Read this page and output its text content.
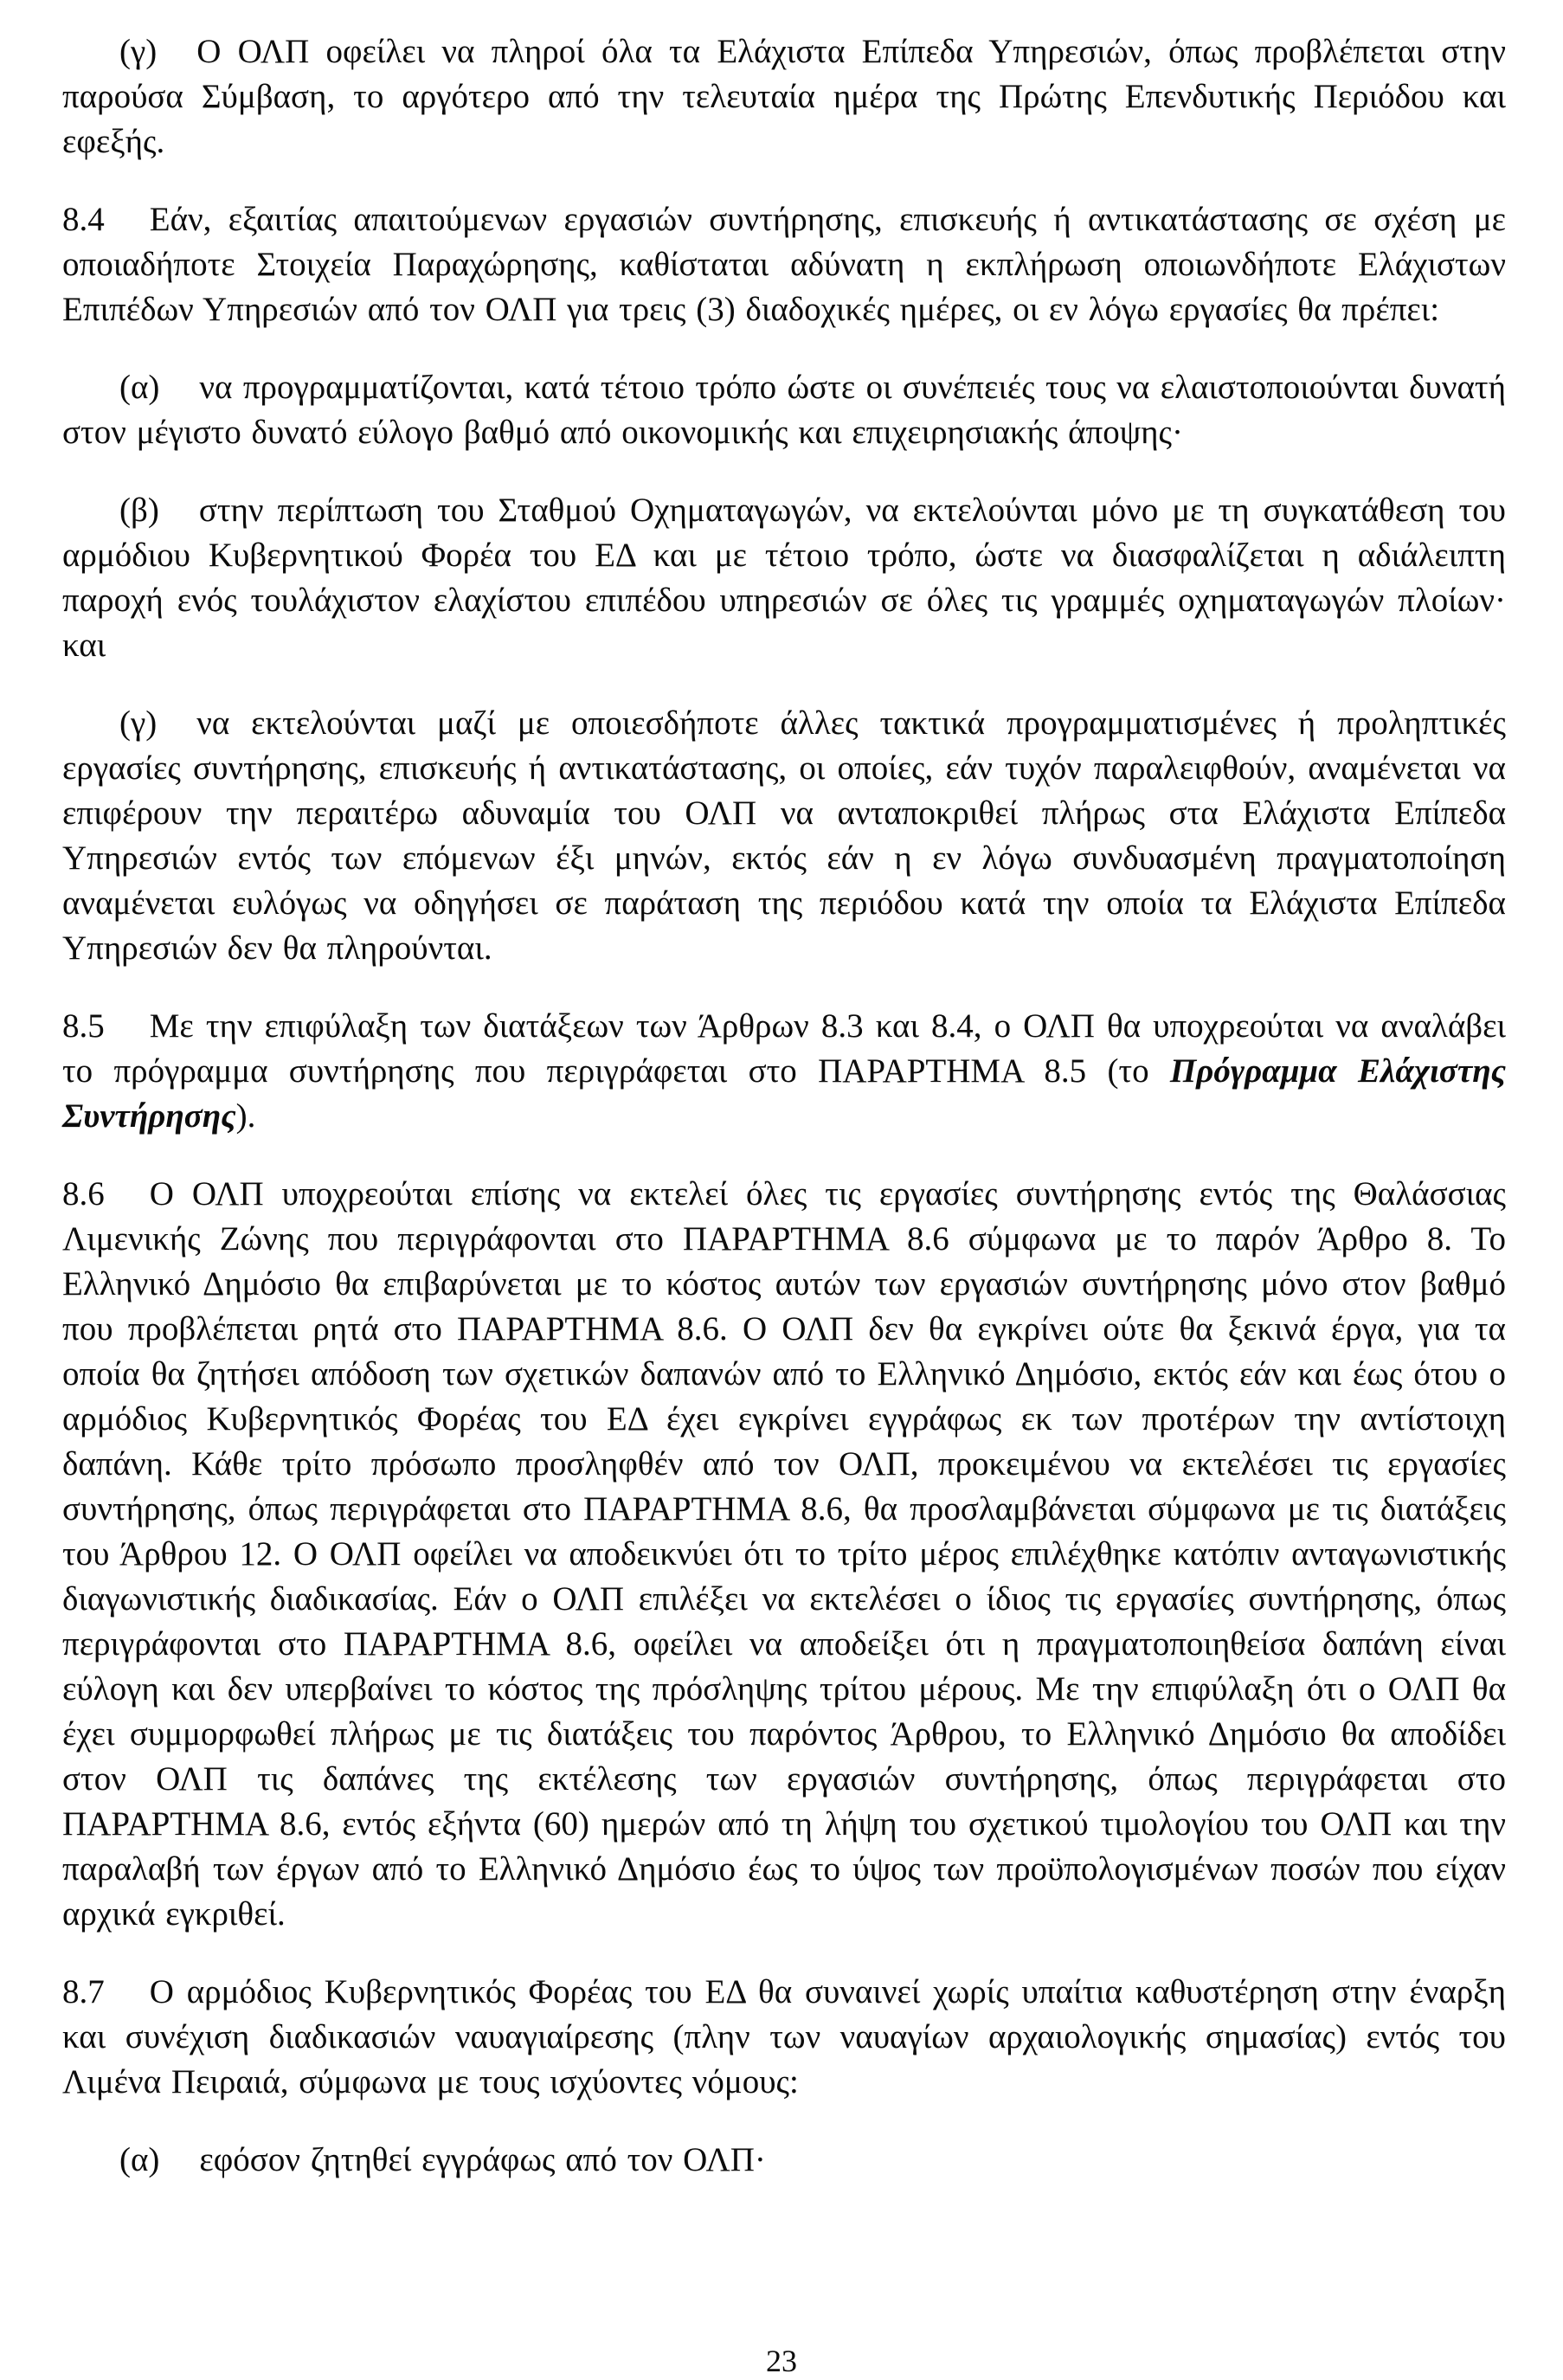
(γ) Ο ΟΛΠ οφείλει να πληροί όλα τα Ελάχιστα Επίπεδα Υπηρεσιών, όπως προβλέπεται στην παρούσα Σύμβαση, το αργότερο από την τελευταία ημέρα της Πρώτης Επενδυτικής Περιόδου και εφεξής.

8.4 Εάν, εξαιτίας απαιτούμενων εργασιών συντήρησης, επισκευής ή αντικατάστασης σε σχέση με οποιαδήποτε Στοιχεία Παραχώρησης, καθίσταται αδύνατη η εκπλήρωση οποιωνδήποτε Ελάχιστων Επιπέδων Υπηρεσιών από τον ΟΛΠ για τρεις (3) διαδοχικές ημέρες, οι εν λόγω εργασίες θα πρέπει:

(α) να προγραμματίζονται, κατά τέτοιο τρόπο ώστε οι συνέπειές τους να ελαιστοποιούνται δυνατή στον μέγιστο δυνατό εύλογο βαθμό από οικονομικής και επιχειρησιακής άποψης·

(β) στην περίπτωση του Σταθμού Οχηματαγωγών, να εκτελούνται μόνο με τη συγκατάθεση του αρμόδιου Κυβερνητικού Φορέα του ΕΔ και με τέτοιο τρόπο, ώστε να διασφαλίζεται η αδιάλειπτη παροχή ενός τουλάχιστον ελαχίστου επιπέδου υπηρεσιών σε όλες τις γραμμές οχηματαγωγών πλοίων· και

(γ) να εκτελούνται μαζί με οποιεσδήποτε άλλες τακτικά προγραμματισμένες ή προληπτικές εργασίες συντήρησης, επισκευής ή αντικατάστασης, οι οποίες, εάν τυχόν παραλειφθούν, αναμένεται να επιφέρουν την περαιτέρω αδυναμία του ΟΛΠ να ανταποκριθεί πλήρως στα Ελάχιστα Επίπεδα Υπηρεσιών εντός των επόμενων έξι μηνών, εκτός εάν η εν λόγω συνδυασμένη πραγματοποίηση αναμένεται ευλόγως να οδηγήσει σε παράταση της περιόδου κατά την οποία τα Ελάχιστα Επίπεδα Υπηρεσιών δεν θα πληρούνται.

8.5 Με την επιφύλαξη των διατάξεων των Άρθρων 8.3 και 8.4, ο ΟΛΠ θα υποχρεούται να αναλάβει το πρόγραμμα συντήρησης που περιγράφεται στο ΠΑΡΑΡΤΗΜΑ 8.5 (το Πρόγραμμα Ελάχιστης Συντήρησης).

8.6 Ο ΟΛΠ υποχρεούται επίσης να εκτελεί όλες τις εργασίες συντήρησης εντός της Θαλάσσιας Λιμενικής Ζώνης που περιγράφονται στο ΠΑΡΑΡΤΗΜΑ 8.6 σύμφωνα με το παρόν Άρθρο 8. Το Ελληνικό Δημόσιο θα επιβαρύνεται με το κόστος αυτών των εργασιών συντήρησης μόνο στον βαθμό που προβλέπεται ρητά στο ΠΑΡΑΡΤΗΜΑ 8.6. Ο ΟΛΠ δεν θα εγκρίνει ούτε θα ξεκινά έργα, για τα οποία θα ζητήσει απόδοση των σχετικών δαπανών από το Ελληνικό Δημόσιο, εκτός εάν και έως ότου ο αρμόδιος Κυβερνητικός Φορέας του ΕΔ έχει εγκρίνει εγγράφως εκ των προτέρων την αντίστοιχη δαπάνη. Κάθε τρίτο πρόσωπο προσληφθέν από τον ΟΛΠ, προκειμένου να εκτελέσει τις εργασίες συντήρησης, όπως περιγράφεται στο ΠΑΡΑΡΤΗΜΑ 8.6, θα προσλαμβάνεται σύμφωνα με τις διατάξεις του Άρθρου 12. Ο ΟΛΠ οφείλει να αποδεικνύει ότι το τρίτο μέρος επιλέχθηκε κατόπιν ανταγωνιστικής διαγωνιστικής διαδικασίας. Εάν ο ΟΛΠ επιλέξει να εκτελέσει ο ίδιος τις εργασίες συντήρησης, όπως περιγράφονται στο ΠΑΡΑΡΤΗΜΑ 8.6, οφείλει να αποδείξει ότι η πραγματοποιηθείσα δαπάνη είναι εύλογη και δεν υπερβαίνει το κόστος της πρόσληψης τρίτου μέρους. Με την επιφύλαξη ότι ο ΟΛΠ θα έχει συμμορφωθεί πλήρως με τις διατάξεις του παρόντος Άρθρου, το Ελληνικό Δημόσιο θα αποδίδει στον ΟΛΠ τις δαπάνες της εκτέλεσης των εργασιών συντήρησης, όπως περιγράφεται στο ΠΑΡΑΡΤΗΜΑ 8.6, εντός εξήντα (60) ημερών από τη λήψη του σχετικού τιμολογίου του ΟΛΠ και την παραλαβή των έργων από το Ελληνικό Δημόσιο έως το ύψος των προϋπολογισμένων ποσών που είχαν αρχικά εγκριθεί.

8.7 Ο αρμόδιος Κυβερνητικός Φορέας του ΕΔ θα συναινεί χωρίς υπαίτια καθυστέρηση στην έναρξη και συνέχιση διαδικασιών ναυαγιαίρεσης (πλην των ναυαγίων αρχαιολογικής σημασίας) εντός του Λιμένα Πειραιά, σύμφωνα με τους ισχύοντες νόμους:

(α) εφόσον ζητηθεί εγγράφως από τον ΟΛΠ·

23
